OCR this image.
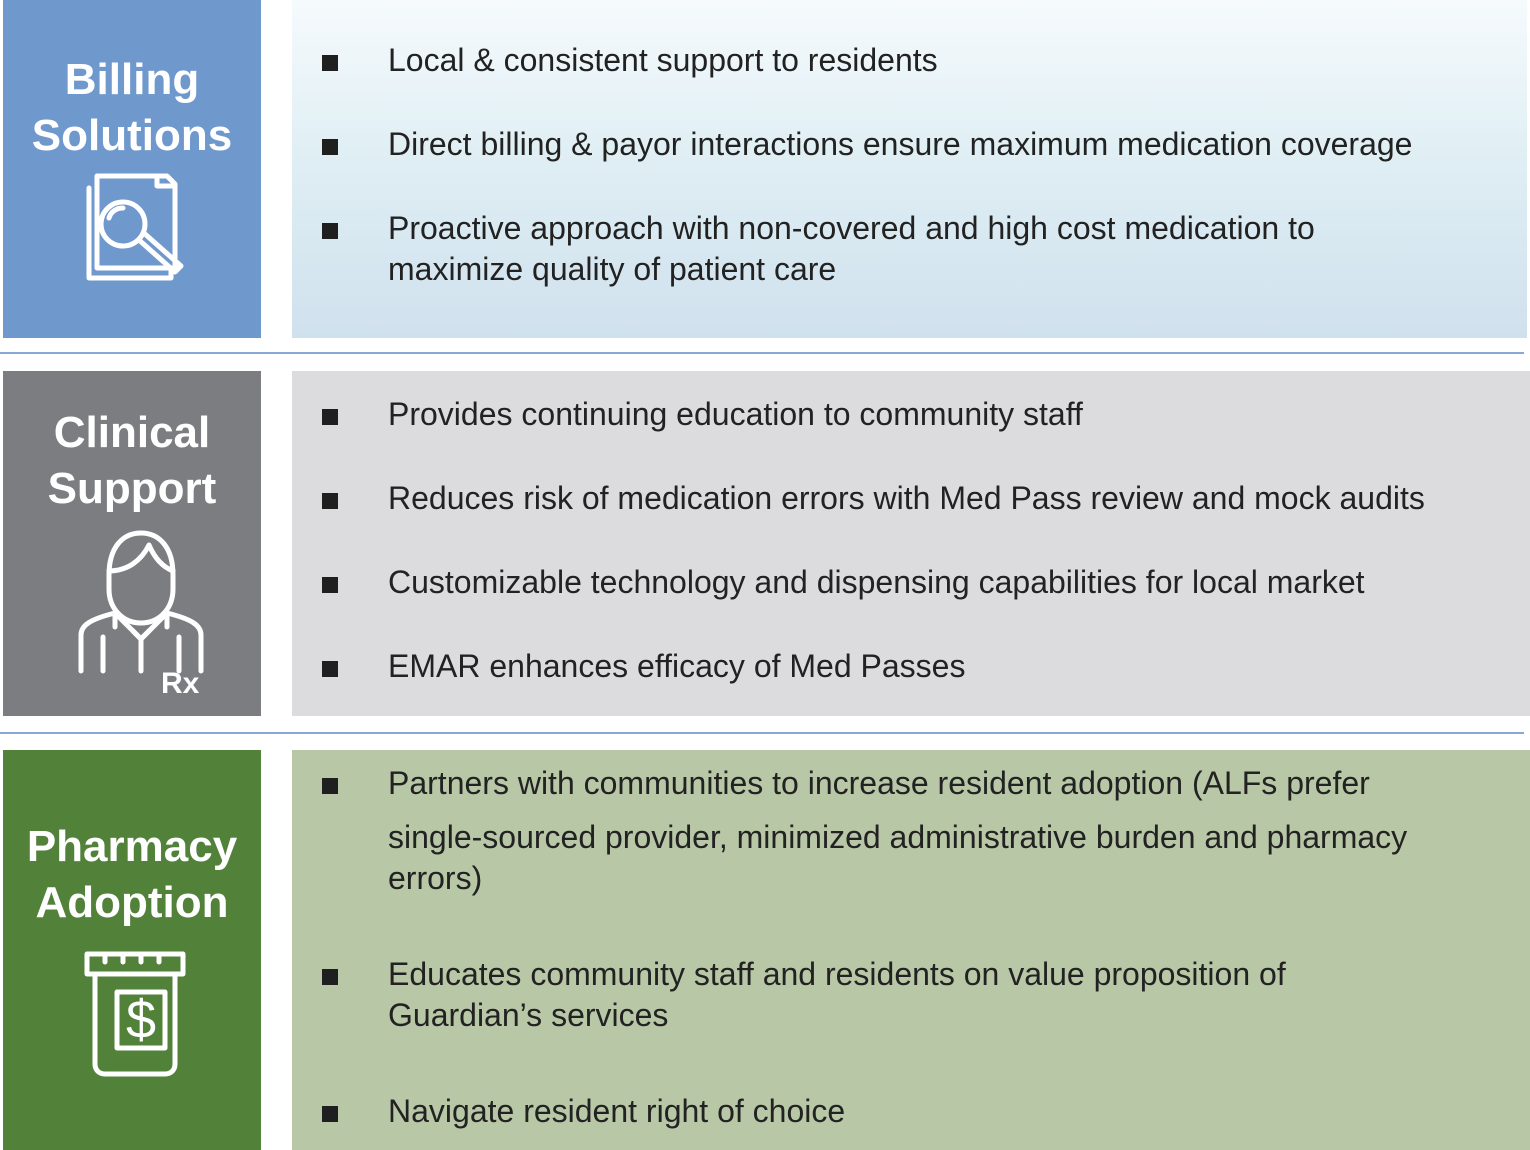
Billing
Solutions
Local & consistent support to residents
Direct billing & payor interactions ensure maximum medication coverage
Proactive approach with non-covered and high cost medication to
maximize quality of patient care
Clinical
Support
Rx
Provides continuing education to community staff
Reduces risk of medication errors with Med Pass review and mock audits
Customizable technology and dispensing capabilities for local market
EMAR enhances efficacy of Med Passes
Pharmacy
Adoption
$
Partners with communities to increase resident adoption (ALFs prefer
single-sourced provider, minimized administrative burden and pharmacy
errors)
Educates community staff and residents on value proposition of
Guardian’s services
Navigate resident right of choice
